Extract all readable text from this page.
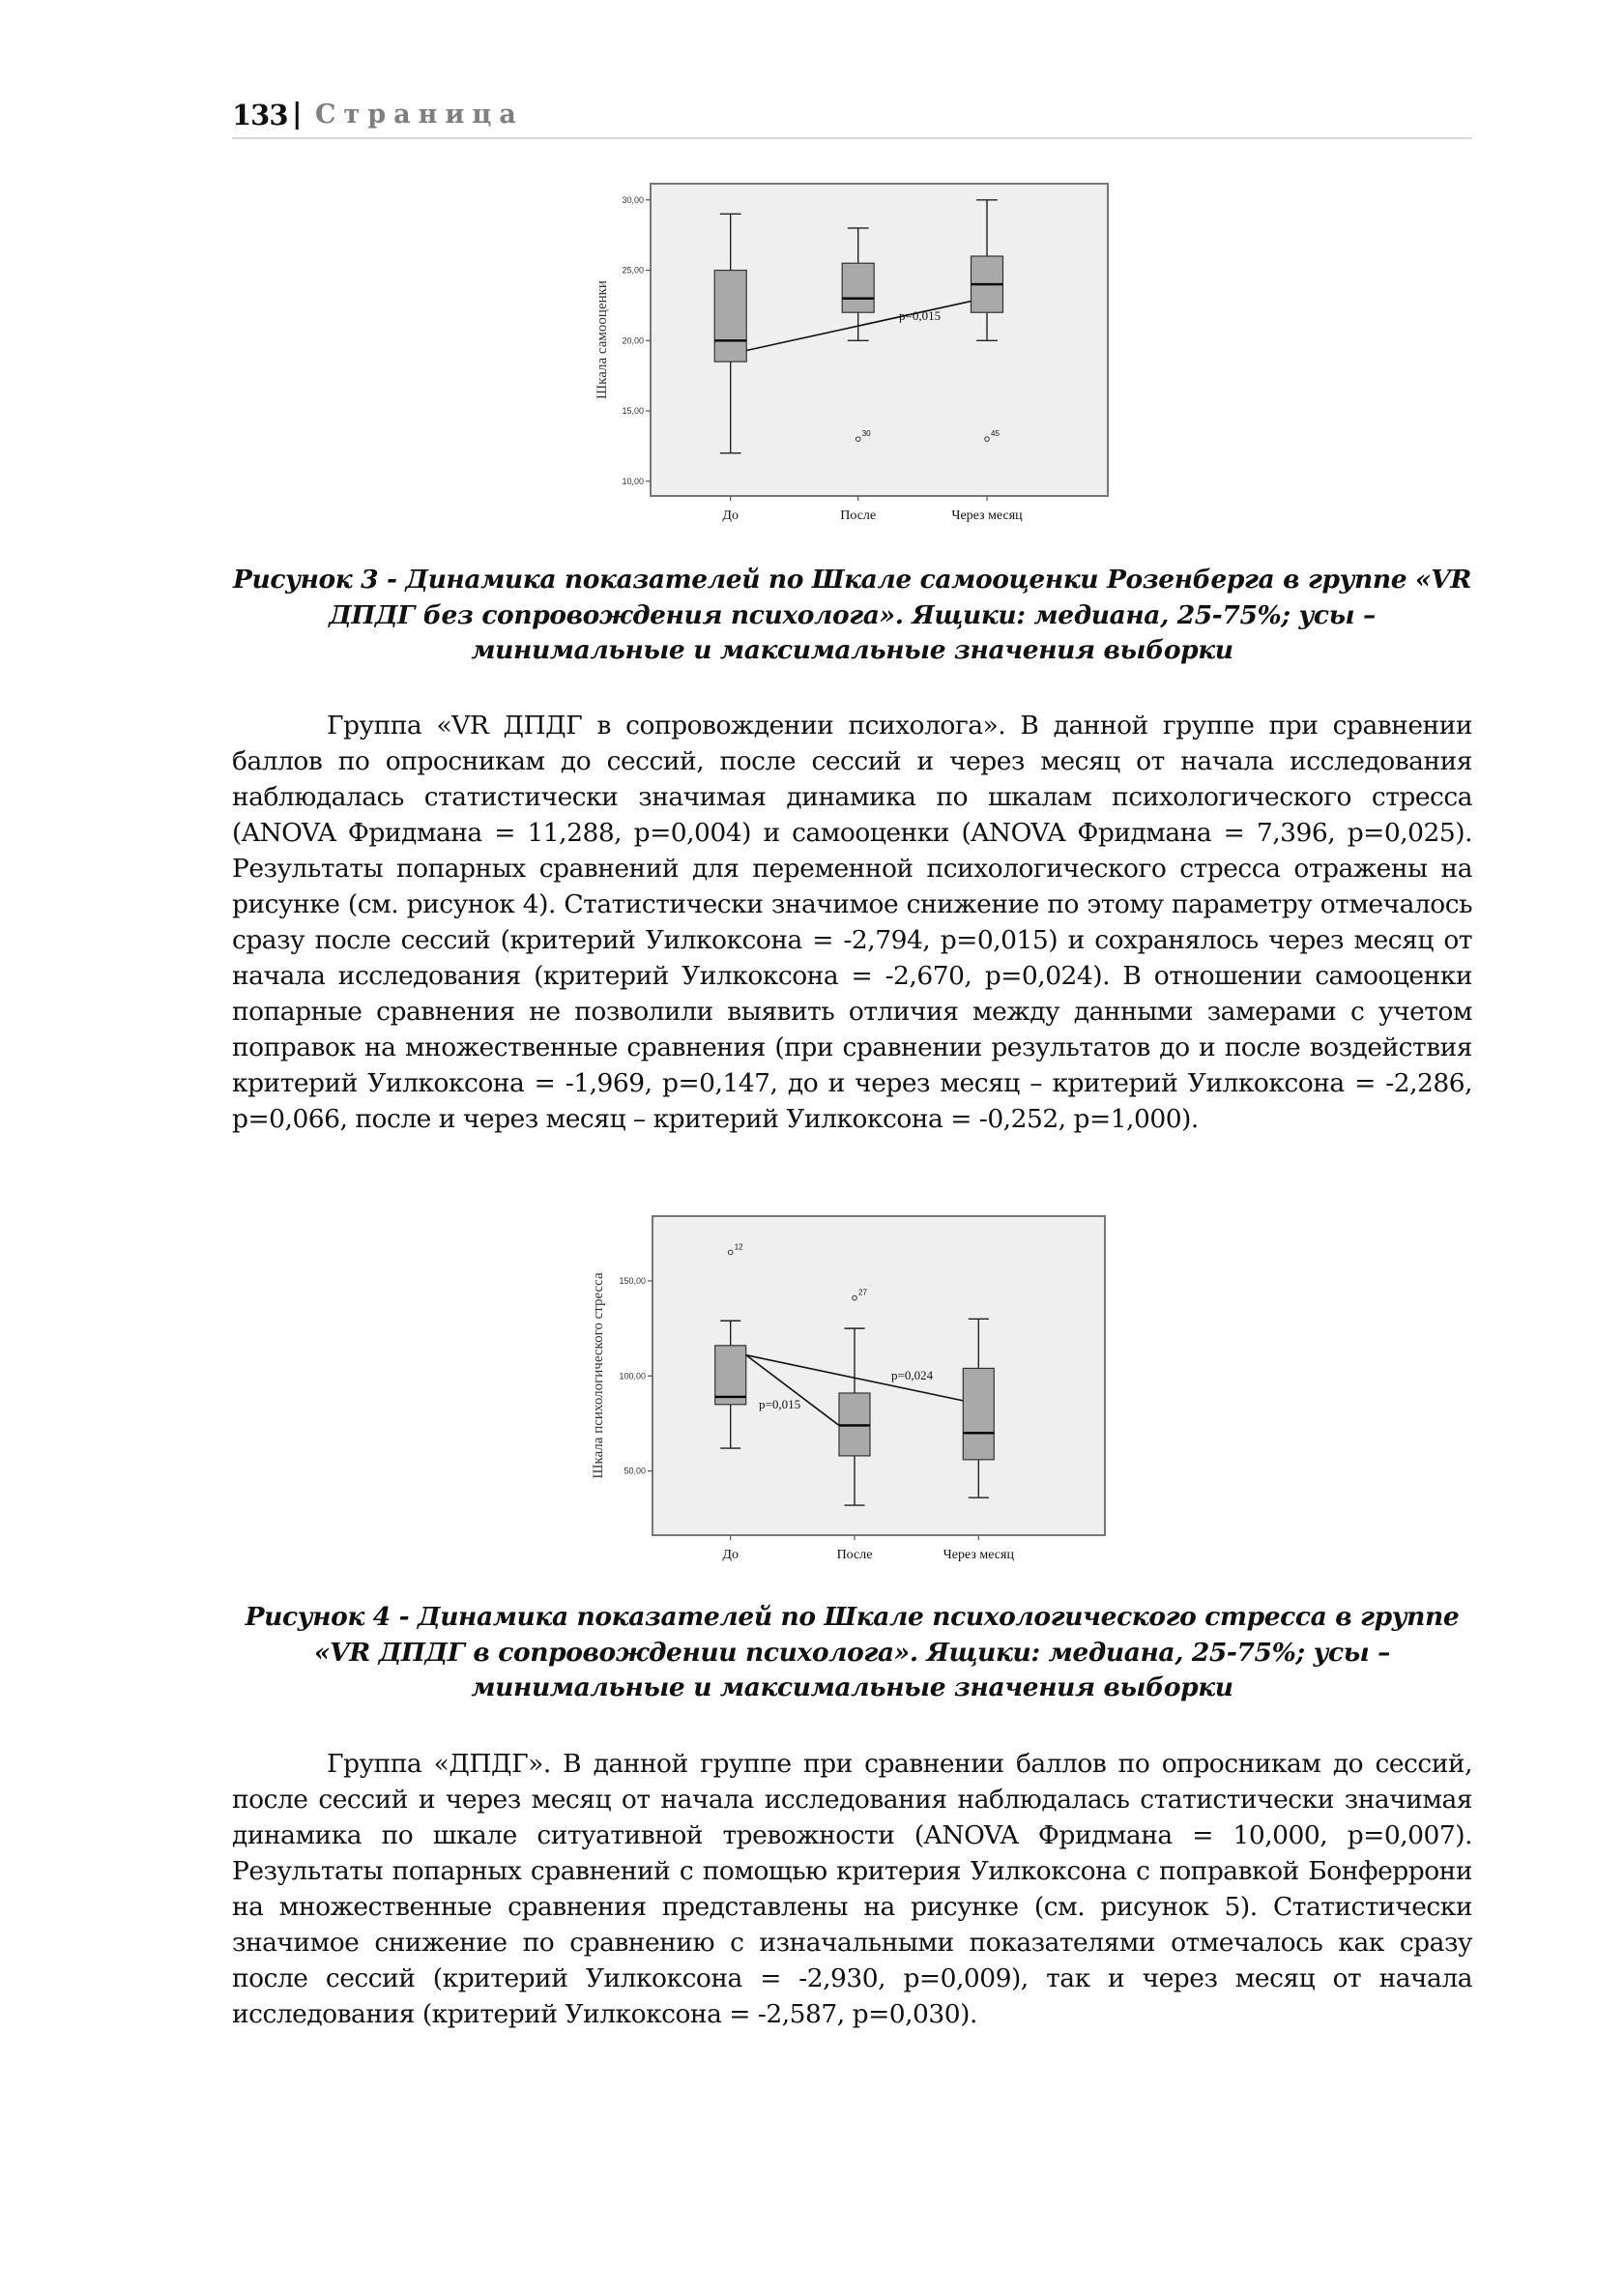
133 | Страница
10,00
15,00
20,00
25,00
30,00
Шкала самооценки
До	После	Через месяц
30	45
p=0,015
Рисунок 3 - Динамика показателей по Шкале самооценки Розенберга в группе «VR
ДПДГ без сопровождения психолога». Ящики: медиана, 25-75%; усы –
минимальные и максимальные значения выборки
Группа «VR ДПДГ в сопровождении психолога». В данной группе при сравнении баллов по опросникам до сессий, после сессий и через месяц от начала исследования наблюдалась статистически значимая динамика по шкалам психологического стресса (ANOVA Фридмана = 11,288, p=0,004) и самооценки (ANOVA Фридмана = 7,396, p=0,025). Результаты попарных сравнений для переменной психологического стресса отражены на рисунке (см. рисунок 4). Статистически значимое снижение по этому параметру отмечалось сразу после сессий (критерий Уилкоксона = -2,794, p=0,015) и сохранялось через месяц от начала исследования (критерий Уилкоксона = -2,670, p=0,024). В отношении самооценки попарные сравнения не позволили выявить отличия между данными замерами с учетом поправок на множественные сравнения (при сравнении результатов до и после воздействия критерий Уилкоксона = -1,969, p=0,147, до и через месяц – критерий Уилкоксона = -2,286, p=0,066, после и через месяц – критерий Уилкоксона = -0,252, p=1,000).
50,00
100,00
150,00
Шкала психологического стресса
До	После	Через месяц
12
27
p=0,015
p=0,024
Рисунок 4 - Динамика показателей по Шкале психологического стресса в группе
«VR ДПДГ в сопровождении психолога». Ящики: медиана, 25-75%; усы –
минимальные и максимальные значения выборки
Группа «ДПДГ». В данной группе при сравнении баллов по опросникам до сессий, после сессий и через месяц от начала исследования наблюдалась статистически значимая динамика по шкале ситуативной тревожности (ANOVA Фридмана = 10,000, p=0,007). Результаты попарных сравнений с помощью критерия Уилкоксона с поправкой Бонферрони на множественные сравнения представлены на рисунке (см. рисунок 5). Статистически значимое снижение по сравнению с изначальными показателями отмечалось как сразу после сессий (критерий Уилкоксона = -2,930, p=0,009), так и через месяц от начала исследования (критерий Уилкоксона = -2,587, p=0,030).
